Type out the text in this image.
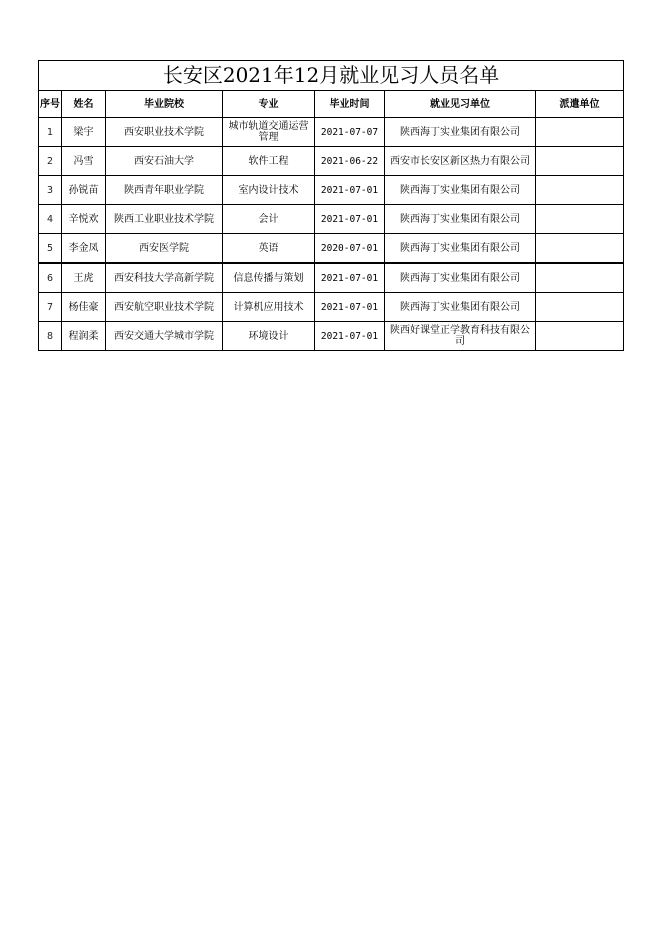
长安区2021年12月就业见习人员名单						
序号	姓名	毕业院校	专业	毕业时间	就业见习单位	派遣单位
1	梁宇	西安职业技术学院	城市轨道交通运营管理	2021-07-07	陕西海丁实业集团有限公司	
2	冯雪	西安石油大学	软件工程	2021-06-22	西安市长安区新区热力有限公司	
3	孙锐苗	陕西青年职业学院	室内设计技术	2021-07-01	陕西海丁实业集团有限公司	
4	辛悦欢	陕西工业职业技术学院	会计	2021-07-01	陕西海丁实业集团有限公司	
5	李金凤	西安医学院	英语	2020-07-01	陕西海丁实业集团有限公司	
6	王虎	西安科技大学高新学院	信息传播与策划	2021-07-01	陕西海丁实业集团有限公司	
7	杨佳豪	西安航空职业技术学院	计算机应用技术	2021-07-01	陕西海丁实业集团有限公司	
8	程润柔	西安交通大学城市学院	环境设计	2021-07-01	陕西好课堂正学教育科技有限公司	
